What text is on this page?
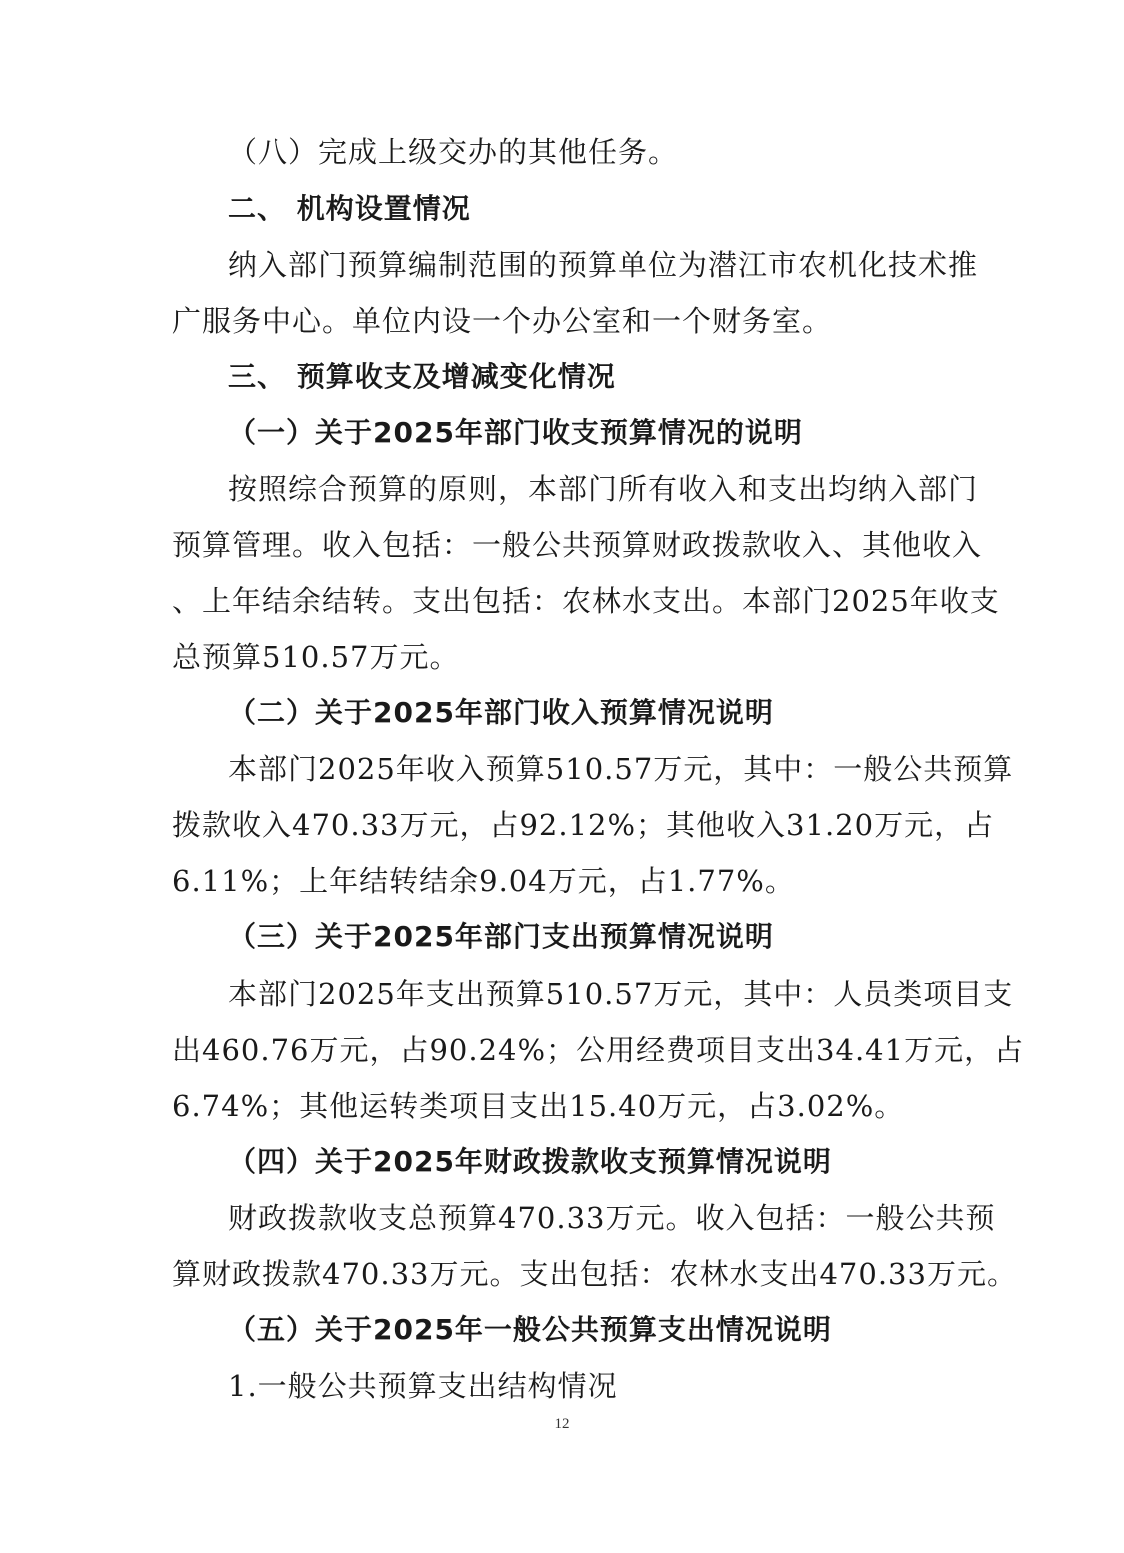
（八）完成上级交办的其他任务。
二、 机构设置情况
纳入部门预算编制范围的预算单位为潜江市农机化技术推
广服务中心。单位内设一个办公室和一个财务室。
三、 预算收支及增减变化情况
（一）关于2025年部门收支预算情况的说明
按照综合预算的原则，本部门所有收入和支出均纳入部门
预算管理。收入包括：一般公共预算财政拨款收入、其他收入
、上年结余结转。支出包括：农林水支出。本部门2025年收支
总预算510.57万元。
（二）关于2025年部门收入预算情况说明
本部门2025年收入预算510.57万元，其中：一般公共预算
拨款收入470.33万元，占92.12%；其他收入31.20万元，占
6.11%；上年结转结余9.04万元，占1.77%。
（三）关于2025年部门支出预算情况说明
本部门2025年支出预算510.57万元，其中：人员类项目支
出460.76万元，占90.24%；公用经费项目支出34.41万元，占
6.74%；其他运转类项目支出15.40万元，占3.02%。
（四）关于2025年财政拨款收支预算情况说明
财政拨款收支总预算470.33万元。收入包括：一般公共预
算财政拨款470.33万元。支出包括：农林水支出470.33万元。
（五）关于2025年一般公共预算支出情况说明
1.一般公共预算支出结构情况
12
